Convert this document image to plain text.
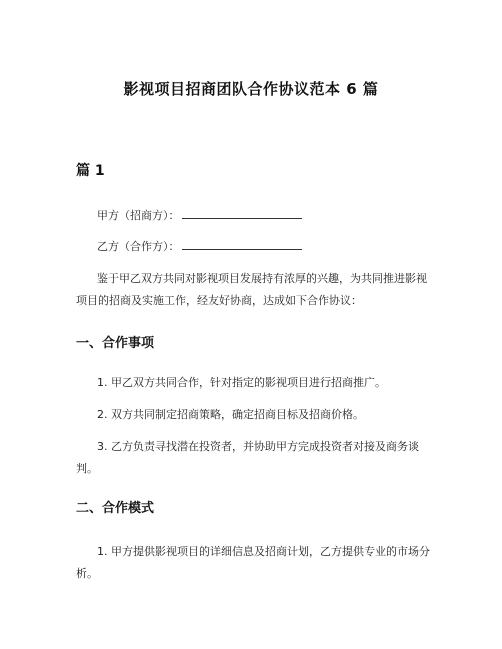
影视项目招商团队合作协议范本 6 篇
篇 1
甲方（招商方）：
乙方（合作方）：
鉴于甲乙双方共同对影视项目发展持有浓厚的兴趣，为共同推进影视项目的招商及实施工作，经友好协商，达成如下合作协议：
一、合作事项
1. 甲乙双方共同合作，针对指定的影视项目进行招商推广。
2. 双方共同制定招商策略，确定招商目标及招商价格。
3. 乙方负责寻找潜在投资者，并协助甲方完成投资者对接及商务谈判。
二、合作模式
1. 甲方提供影视项目的详细信息及招商计划，乙方提供专业的市场分析。
